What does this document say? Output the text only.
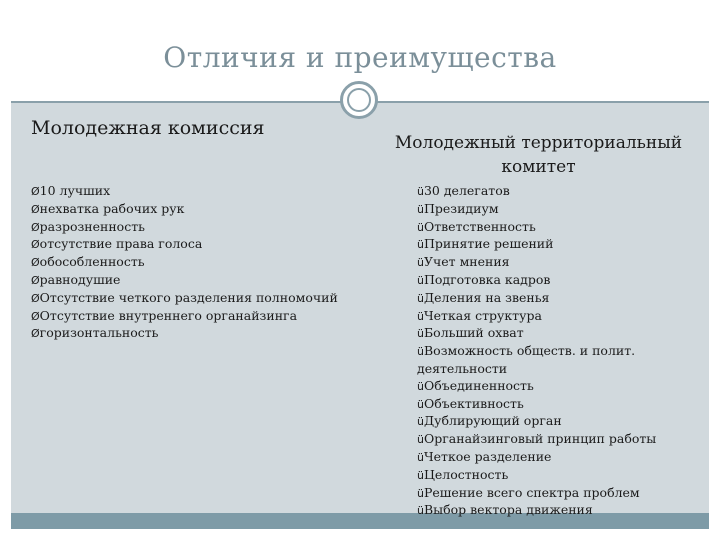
Отличия и преимущества
Молодежная комиссия
Молодежный территориальный комитет
Ø10 лучших
Øнехватка рабочих рук
Øразрозненность
Øотсутствие права голоса
Øобособленность
Øравнодушие
ØОтсутствие четкого разделения полномочий
ØОтсутствие внутреннего органайзинга
Øгоризонтальность
ü30 делегатов
üПрезидиум
üОтветственность
üПринятие решений
üУчет мнения
üПодготовка кадров
üДеления на звенья
üЧеткая структура
üБольший охват
üВозможность обществ. и полит. деятельности
üОбъединенность
üОбъективность
üДублирующий орган
üОрганайзинговый принцип работы
üЧеткое разделение
üЦелостность
üРешение всего спектра проблем
üВыбор вектора движения
